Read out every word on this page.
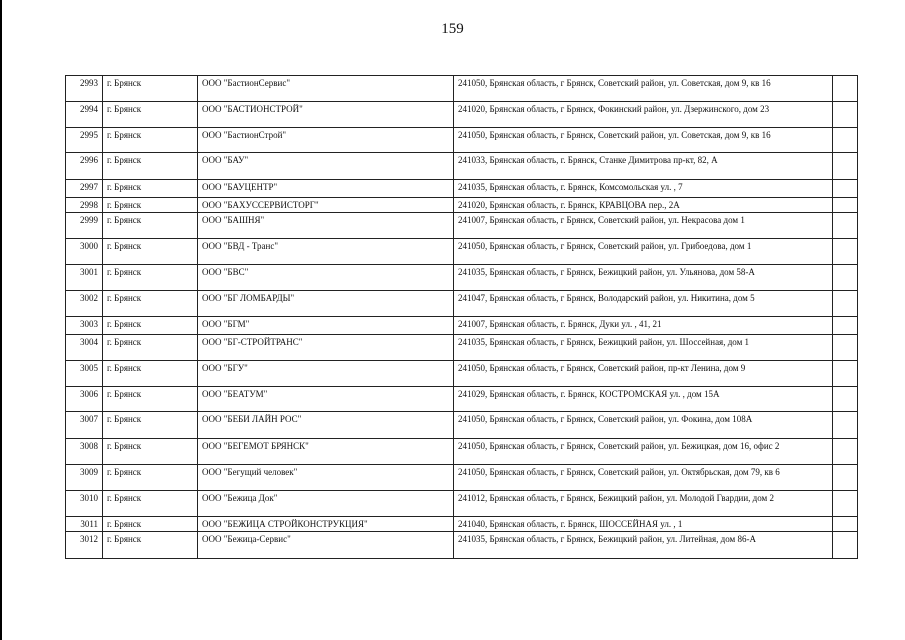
159
2993	г. Брянск	ООО "БастионСервис"	241050, Брянская область, г Брянск, Советский район, ул. Советская, дом 9, кв 16	
2994	г. Брянск	ООО "БАСТИОНСТРОЙ"	241020, Брянская область, г Брянск, Фокинский район, ул. Дзержинского, дом 23	
2995	г. Брянск	ООО "БастионСтрой"	241050, Брянская область, г Брянск, Советский район, ул. Советская, дом 9, кв 16	
2996	г. Брянск	ООО "БАУ"	241033, Брянская область, г. Брянск, Станке Димитрова пр-кт, 82, А	
2997	г. Брянск	ООО "БАУЦЕНТР"	241035, Брянская область, г. Брянск, Комсомольская ул. , 7	
2998	г. Брянск	ООО "БАХУССЕРВИСТОРГ"	241020, Брянская область, г. Брянск, КРАВЦОВА пер., 2А	
2999	г. Брянск	ООО "БАШНЯ"	241007, Брянская область, г Брянск, Советский район, ул. Некрасова дом 1	
3000	г. Брянск	ООО "БВД - Транс"	241050, Брянская область, г Брянск, Советский район, ул. Грибоедова, дом 1	
3001	г. Брянск	ООО "БВС"	241035, Брянская область, г Брянск, Бежицкий район, ул. Ульянова, дом 58-А	
3002	г. Брянск	ООО "БГ ЛОМБАРДЫ"	241047, Брянская область, г Брянск, Володарский район, ул. Никитина, дом 5	
3003	г. Брянск	ООО "БГМ"	241007, Брянская область, г. Брянск, Дуки ул. , 41, 21	
3004	г. Брянск	ООО "БГ-СТРОЙТРАНС"	241035, Брянская область, г Брянск, Бежицкий район, ул. Шоссейная, дом 1	
3005	г. Брянск	ООО "БГУ"	241050, Брянская область, г Брянск, Советский район, пр-кт Ленина, дом 9	
3006	г. Брянск	ООО "БЕАТУМ"	241029, Брянская область, г. Брянск, КОСТРОМСКАЯ ул. , дом 15А	
3007	г. Брянск	ООО "БЕБИ ЛАЙН РОС"	241050, Брянская область, г Брянск, Советский район, ул. Фокина, дом 108А	
3008	г. Брянск	ООО "БЕГЕМОТ БРЯНСК"	241050, Брянская область, г Брянск, Советский район, ул. Бежицкая, дом 16, офис 2	
3009	г. Брянск	ООО "Бегущий человек"	241050, Брянская область, г Брянск, Советский район, ул. Октябрьская, дом 79, кв 6	
3010	г. Брянск	ООО "Бежица Док"	241012, Брянская область, г Брянск, Бежицкий район, ул. Молодой Гвардии, дом 2	
3011	г. Брянск	ООО "БЕЖИЦА СТРОЙКОНСТРУКЦИЯ"	241040, Брянская область, г. Брянск, ШОССЕЙНАЯ ул. , 1	
3012	г. Брянск	ООО "Бежица-Сервис"	241035, Брянская область, г Брянск, Бежицкий район, ул. Литейная, дом 86-А	
